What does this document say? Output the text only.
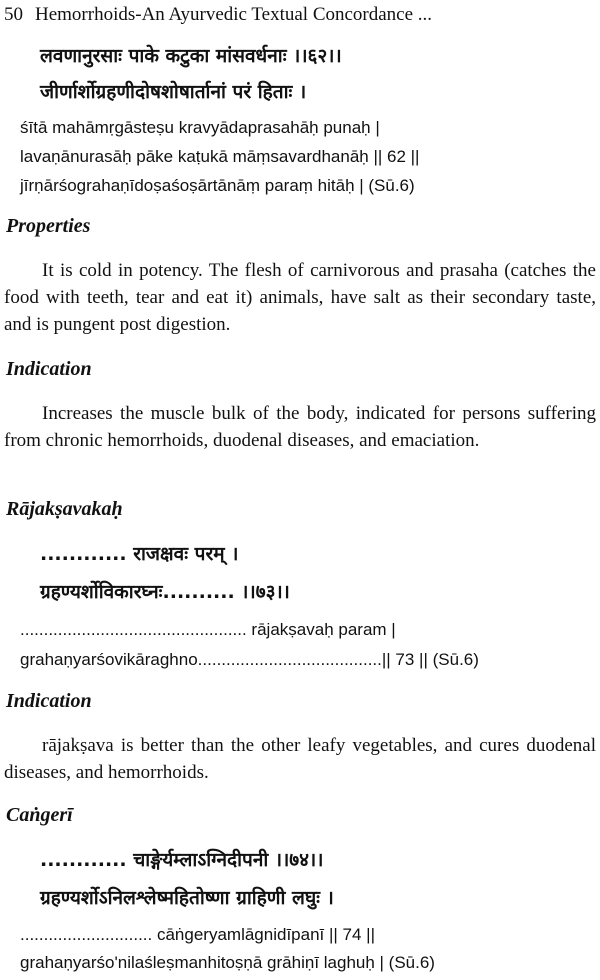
50 Hemorrhoids-An Ayurvedic Textual Concordance ...
लवणानुरसाः पाके कटुका मांसवर्धनाः ।।६२।।
जीर्णार्शोग्रहणीदोषशोषार्तानां परं हिताः ।
śītā mahāmṛgāsteṣu kravyādaprasahāḥ punaḥ |
lavaṇānurasāḥ pāke kaṭukā māṃsavardhanāḥ || 62 ||
jīrṇārśograhaṇīdoṣaśoṣārtānāṃ paraṃ hitāḥ | (Sū.6)
Properties
It is cold in potency. The flesh of carnivorous and prasaha (catches the food with teeth, tear and eat it) animals, have salt as their secondary taste, and is pungent post digestion.
Indication
Increases the muscle bulk of the body, indicated for persons suffering from chronic hemorrhoids, duodenal diseases, and emaciation.
Rājakṣavakaḥ
............ राजक्षवः परम् ।
ग्रहण्यर्शोविकारघ्नः.......... ।।७३।।
................................................ rājakṣavaḥ param |
grahaṇyarśovikāraghno.......................................|| 73 || (Sū.6)
Indication
rājakṣava is better than the other leafy vegetables, and cures duodenal diseases, and hemorrhoids.
Caṅgerī
............ चाङ्गेर्यम्लाऽग्निदीपनी ।।७४।।
ग्रहण्यर्शोऽनिलश्लेष्महितोष्णा ग्राहिणी लघुः ।
............................ cāṅgeryamlāgnidīpanī || 74 ||
grahaṇyarśo'nilaśleṣmanhitoṣṇā grāhiṇī laghuḥ | (Sū.6)
